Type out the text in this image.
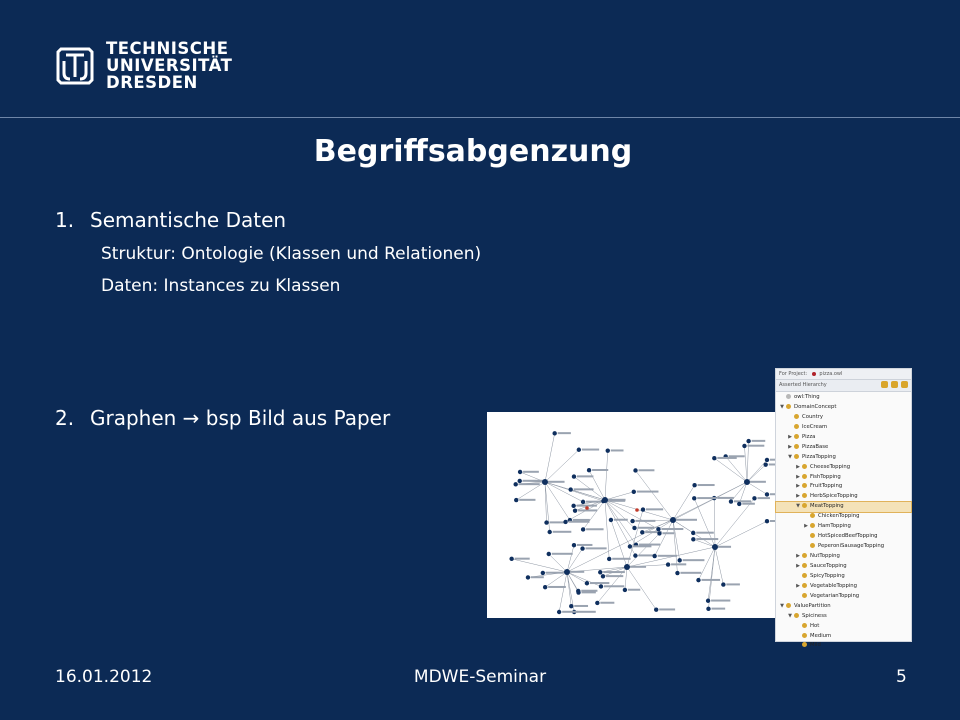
TECHNISCHE
UNIVERSITÄT
DRESDEN
Begriffsabgenzung
1. Semantische Daten
Struktur: Ontologie (Klassen und Relationen)
Daten: Instances zu Klassen
2. Graphen → bsp Bild aus Paper
For Project: pizza.owl
Asserted Hierarchy
owl:Thing
▼ DomainConcept
Country
IceCream
▶ Pizza
▶ PizzaBase
▼ PizzaTopping
▶ CheeseTopping
▶ FishTopping
▶ FruitTopping
▶ HerbSpiceTopping
▼ MeatTopping
ChickenTopping
▶ HamTopping
HotSpicedBeefTopping
PeperoniSausageTopping
▶ NutTopping
▶ SauceTopping
SpicyTopping
▶ VegetableTopping
VegetarianTopping
▼ ValuePartition
▼ Spiciness
Hot
Medium
Mild
16.01.2012	MDWE-Seminar	5
